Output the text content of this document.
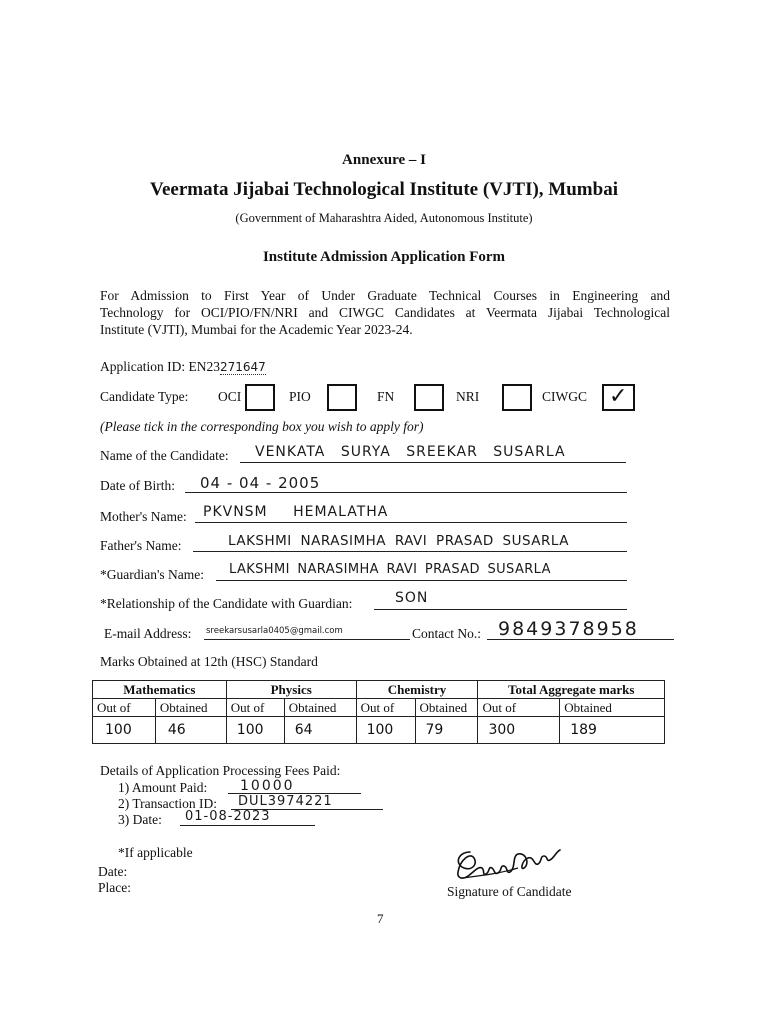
Annexure – I
Veermata Jijabai Technological Institute (VJTI), Mumbai
(Government of Maharashtra Aided, Autonomous Institute)
Institute Admission Application Form
For Admission to First Year of Under Graduate Technical Courses in Engineering and
Technology for OCI/PIO/FN/NRI and CIWGC Candidates at Veermata Jijabai Technological
Institute (VJTI), Mumbai for the Academic Year 2023-24.
Application ID: EN23271647
Candidate Type: OCI	PIO	FN	NRI	CIWGC ✓
(Please tick in the corresponding box you wish to apply for)
Name of the Candidate: VENKATA SURYA SREEKAR SUSARLA
Date of Birth: 04 - 04 - 2005
Mother's Name: PKVNSM HEMALATHA
Father's Name:	LAKSHMI NARASIMHA RAVI PRASAD SUSARLA
*Guardian's Name: LAKSHMI NARASIMHA RAVI PRASAD SUSARLA
*Relationship of the Candidate with Guardian:	SON
E-mail Address: sreekarsusarla0405@gmail.com	Contact No.: 9849378958
Marks Obtained at 12th (HSC) Standard
Mathematics		Physics		Chemistry		Total Aggregate marks	
Out of	Obtained	Out of	Obtained	Out of	Obtained	Out of	Obtained
100	46	100	64	100	79	300	189
Details of Application Processing Fees Paid:
1) Amount Paid: 10000
2) Transaction ID: DUL3974221
3) Date: 01-08-2023
*If applicable
Date:
Place:	Signature of Candidate
7
